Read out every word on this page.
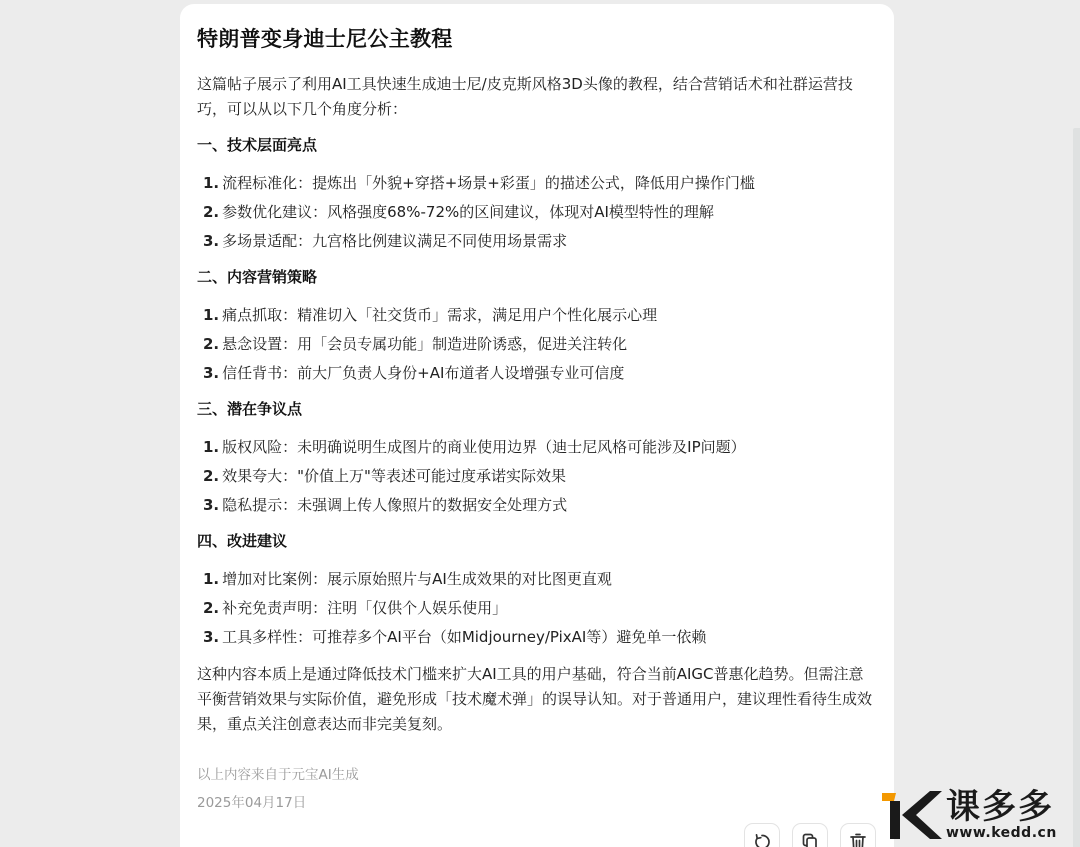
特朗普变身迪士尼公主教程

这篇帖子展示了利用AI工具快速生成迪士尼/皮克斯风格3D头像的教程，结合营销话术和社群运营技巧，可以从以下几个角度分析：

一、技术层面亮点
1. 流程标准化：提炼出「外貌+穿搭+场景+彩蛋」的描述公式，降低用户操作门槛
2. 参数优化建议：风格强度68%-72%的区间建议，体现对AI模型特性的理解
3. 多场景适配：九宫格比例建议满足不同使用场景需求
二、内容营销策略
1. 痛点抓取：精准切入「社交货币」需求，满足用户个性化展示心理
2. 悬念设置：用「会员专属功能」制造进阶诱惑，促进关注转化
3. 信任背书：前大厂负责人身份+AI布道者人设增强专业可信度
三、潜在争议点
1. 版权风险：未明确说明生成图片的商业使用边界（迪士尼风格可能涉及IP问题）
2. 效果夸大："价值上万"等表述可能过度承诺实际效果
3. 隐私提示：未强调上传人像照片的数据安全处理方式
四、改进建议
1. 增加对比案例：展示原始照片与AI生成效果的对比图更直观
2. 补充免责声明：注明「仅供个人娱乐使用」
3. 工具多样性：可推荐多个AI平台（如Midjourney/PixAI等）避免单一依赖

这种内容本质上是通过降低技术门槛来扩大AI工具的用户基础，符合当前AIGC普惠化趋势。但需注意平衡营销效果与实际价值，避免形成「技术魔术弹」的误导认知。对于普通用户，建议理性看待生成效果，重点关注创意表达而非完美复刻。

以上内容来自于元宝AI生成
2025年04月17日	课多多
www.kedd.cn
